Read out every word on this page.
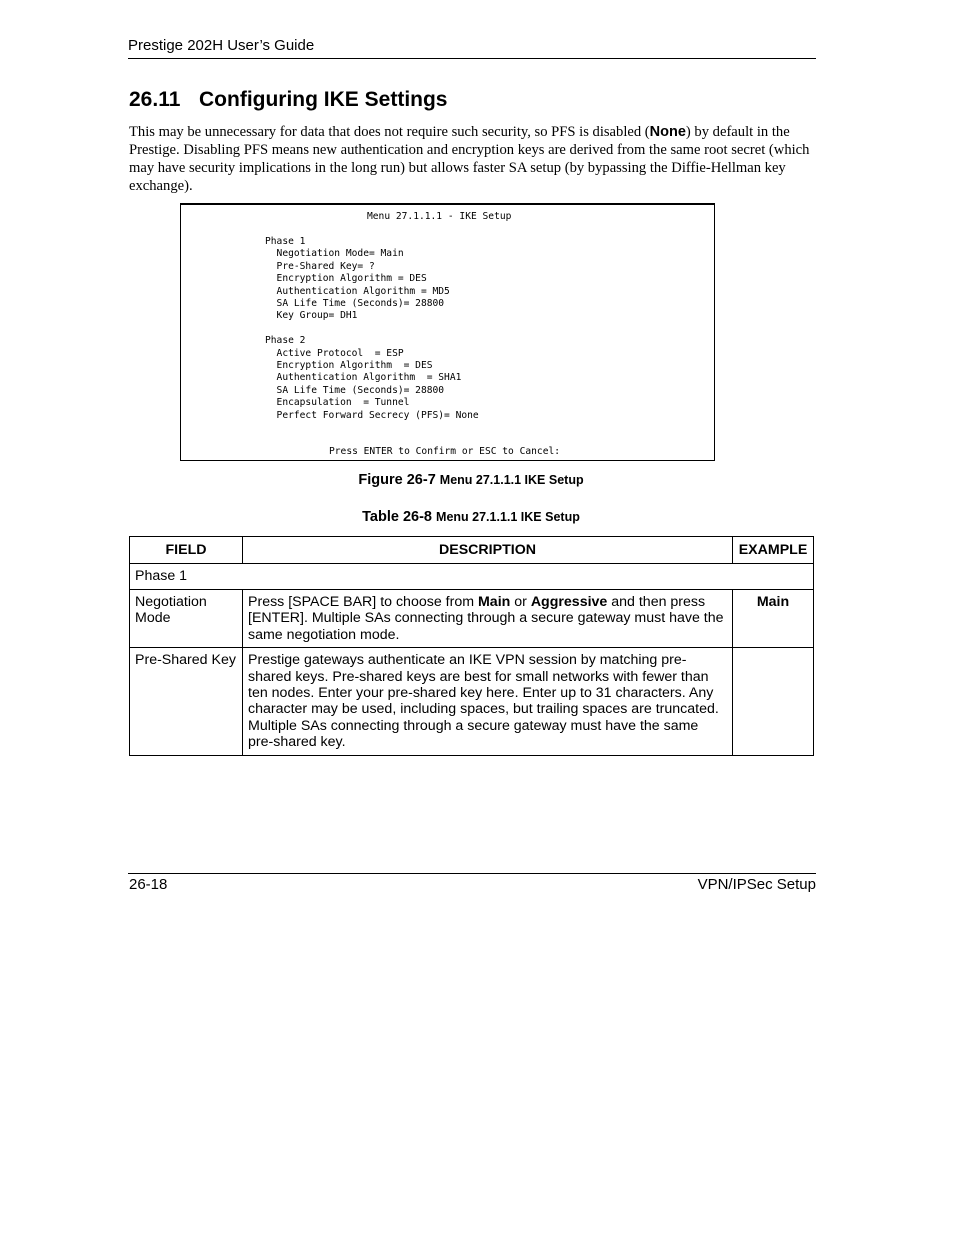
Prestige 202H User’s Guide
26.11 Configuring IKE Settings

This may be unnecessary for data that does not require such security, so PFS is disabled (None) by default in the Prestige. Disabling PFS means new authentication and encryption keys are derived from the same root secret (which may have security implications in the long run) but allows faster SA setup (by bypassing the Diffie-Hellman key exchange).

Menu 27.1.1.1 - IKE Setup
Phase 1
Negotiation Mode= Main
Pre-Shared Key= ?
Encryption Algorithm = DES
Authentication Algorithm = MD5
SA Life Time (Seconds)= 28800
Key Group= DH1

Phase 2
Active Protocol  = ESP
Encryption Algorithm  = DES
Authentication Algorithm  = SHA1
SA Life Time (Seconds)= 28800
Encapsulation  = Tunnel
Perfect Forward Secrecy (PFS)= None
Press ENTER to Confirm or ESC to Cancel:

Figure 26-7 Menu 27.1.1.1 IKE Setup

Table 26-8 Menu 27.1.1.1 IKE Setup

FIELD	DESCRIPTION	EXAMPLE
Phase 1		
Negotiation Mode	Press [SPACE BAR] to choose from Main or Aggressive and then press [ENTER]. Multiple SAs connecting through a secure gateway must have the same negotiation mode.	Main
Pre-Shared Key	Prestige gateways authenticate an IKE VPN session by matching pre-shared keys. Pre-shared keys are best for small networks with fewer than ten nodes. Enter your pre-shared key here. Enter up to 31 characters. Any character may be used, including spaces, but trailing spaces are truncated. Multiple SAs connecting through a secure gateway must have the same pre-shared key.	
26-18	VPN/IPSec Setup
